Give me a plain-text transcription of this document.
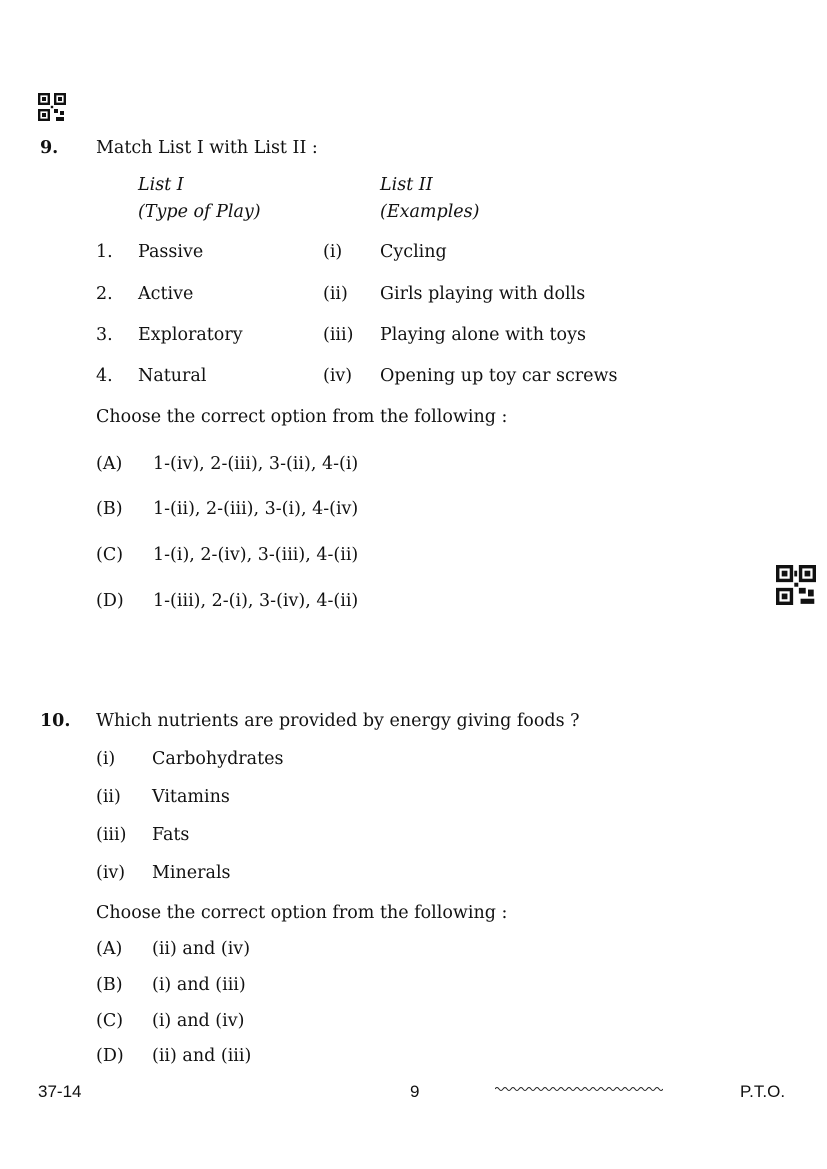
9. Match List I with List II :
List I
(Type of Play)
List II
(Examples)
1. Passive	(i) Cycling
2. Active	(ii) Girls playing with dolls
3. Exploratory	(iii) Playing alone with toys
4. Natural	(iv) Opening up toy car screws
Choose the correct option from the following :
(A) 1-(iv), 2-(iii), 3-(ii), 4-(i)
(B) 1-(ii), 2-(iii), 3-(i), 4-(iv)
(C) 1-(i), 2-(iv), 3-(iii), 4-(ii)
(D) 1-(iii), 2-(i), 3-(iv), 4-(ii)
10. Which nutrients are provided by energy giving foods ?
(i) Carbohydrates
(ii) Vitamins
(iii) Fats
(iv) Minerals
Choose the correct option from the following :
(A) (ii) and (iv)
(B) (i) and (iii)
(C) (i) and (iv)
(D) (ii) and (iii)
37-14	9	P.T.O.
